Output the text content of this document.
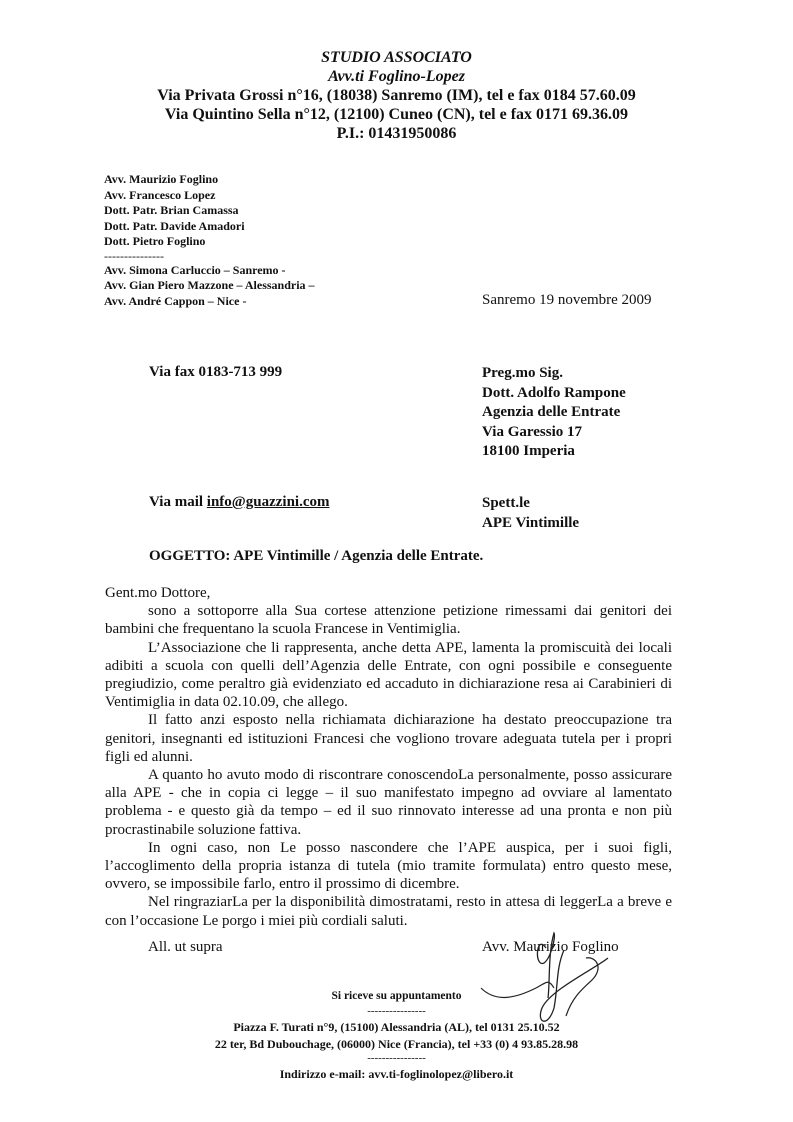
STUDIO ASSOCIATO
Avv.ti Foglino-Lopez
Via Privata Grossi n°16, (18038) Sanremo (IM), tel e fax 0184 57.60.09
Via Quintino Sella n°12, (12100) Cuneo (CN), tel e fax 0171 69.36.09
P.I.: 01431950086
Avv. Maurizio Foglino
Avv. Francesco Lopez
Dott. Patr. Brian Camassa
Dott. Patr. Davide Amadori
Dott. Pietro Foglino
---------------
Avv. Simona Carluccio – Sanremo -
Avv. Gian Piero Mazzone – Alessandria –
Avv. André Cappon – Nice -	Sanremo 19 novembre 2009
Via fax 0183-713 999	Preg.mo Sig.
Dott. Adolfo Rampone
Agenzia delle Entrate
Via Garessio 17
18100 Imperia
Via mail info@guazzini.com	Spett.le
APE Vintimille
OGGETTO: APE Vintimille / Agenzia delle Entrate.

Gent.mo Dottore,

sono a sottoporre alla Sua cortese attenzione petizione rimessami dai genitori dei bambini che frequentano la scuola Francese in Ventimiglia.

L’Associazione che li rappresenta, anche detta APE, lamenta la promiscuità dei locali adibiti a scuola con quelli dell’Agenzia delle Entrate, con ogni possibile e conseguente pregiudizio, come peraltro già evidenziato ed accaduto in dichiarazione resa ai Carabinieri di Ventimiglia in data 02.10.09, che allego.

Il fatto anzi esposto nella richiamata dichiarazione ha destato preoccupazione tra genitori, insegnanti ed istituzioni Francesi che vogliono trovare adeguata tutela per i propri figli ed alunni.

A quanto ho avuto modo di riscontrare conoscendoLa personalmente, posso assicurare alla APE - che in copia ci legge – il suo manifestato impegno ad ovviare al lamentato problema - e questo già da tempo – ed il suo rinnovato interesse ad una pronta e non più procrastinabile soluzione fattiva.

In ogni caso, non Le posso nascondere che l’APE auspica, per i suoi figli, l’accoglimento della propria istanza di tutela (mio tramite formulata) entro questo mese, ovvero, se impossibile farlo, entro il prossimo di dicembre.

Nel ringraziarLa per la disponibilità dimostratami, resto in attesa di leggerLa a breve e con l’occasione Le porgo i miei più cordiali saluti.

All. ut supra	Avv. Maurizio Foglino
Si riceve su appuntamento
----------------
Piazza F. Turati n°9, (15100) Alessandria (AL), tel 0131 25.10.52
22 ter, Bd Dubouchage, (06000) Nice (Francia), tel +33 (0) 4 93.85.28.98
----------------
Indirizzo e-mail: avv.ti-foglinolopez@libero.it
